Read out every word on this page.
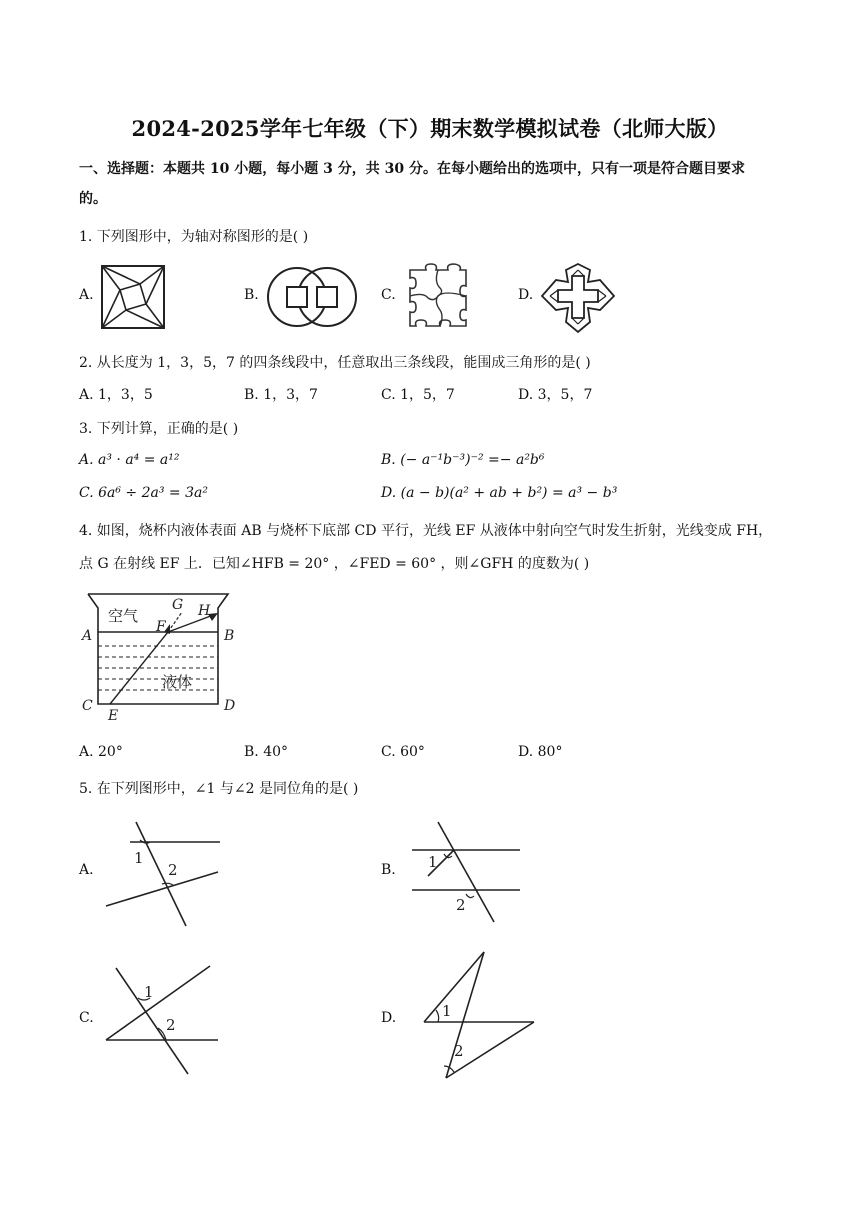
2024-2025学年七年级（下）期末数学模拟试卷（北师大版）
一、选择题：本题共 10 小题，每小题 3 分，共 30 分。在每小题给出的选项中，只有一项是符合题目要求
的。
1. 下列图形中，为轴对称图形的是( )
A.	B.	C.	D.
2. 从长度为 1，3，5，7 的四条线段中，任意取出三条线段，能围成三角形的是( )
A. 1，3，5	B. 1，3，7	C. 1，5，7	D. 3，5，7
3. 下列计算，正确的是( )
A. a³ · a⁴ = a¹²	B. (− a⁻¹b⁻³)⁻² =− a²b⁶
C. 6a⁶ ÷ 2a³ = 3a²	D. (a − b)(a² + ab + b²) = a³ − b³
4. 如图，烧杯内液体表面 AB 与烧杯下底部 CD 平行，光线 EF 从液体中射向空气时发生折射，光线变成 FH，
点 G 在射线 EF 上．已知∠HFB = 20° ，∠FED = 60° ，则∠GFH 的度数为( )
空气
液体
A	B
C	D
E
F
G H
A. 20°	B. 40°	C. 60°	D. 80°
5. 在下列图形中，∠1 与∠2 是同位角的是( )
A.
1
2	B. 1
2
C.
1
2	D.	1
2
